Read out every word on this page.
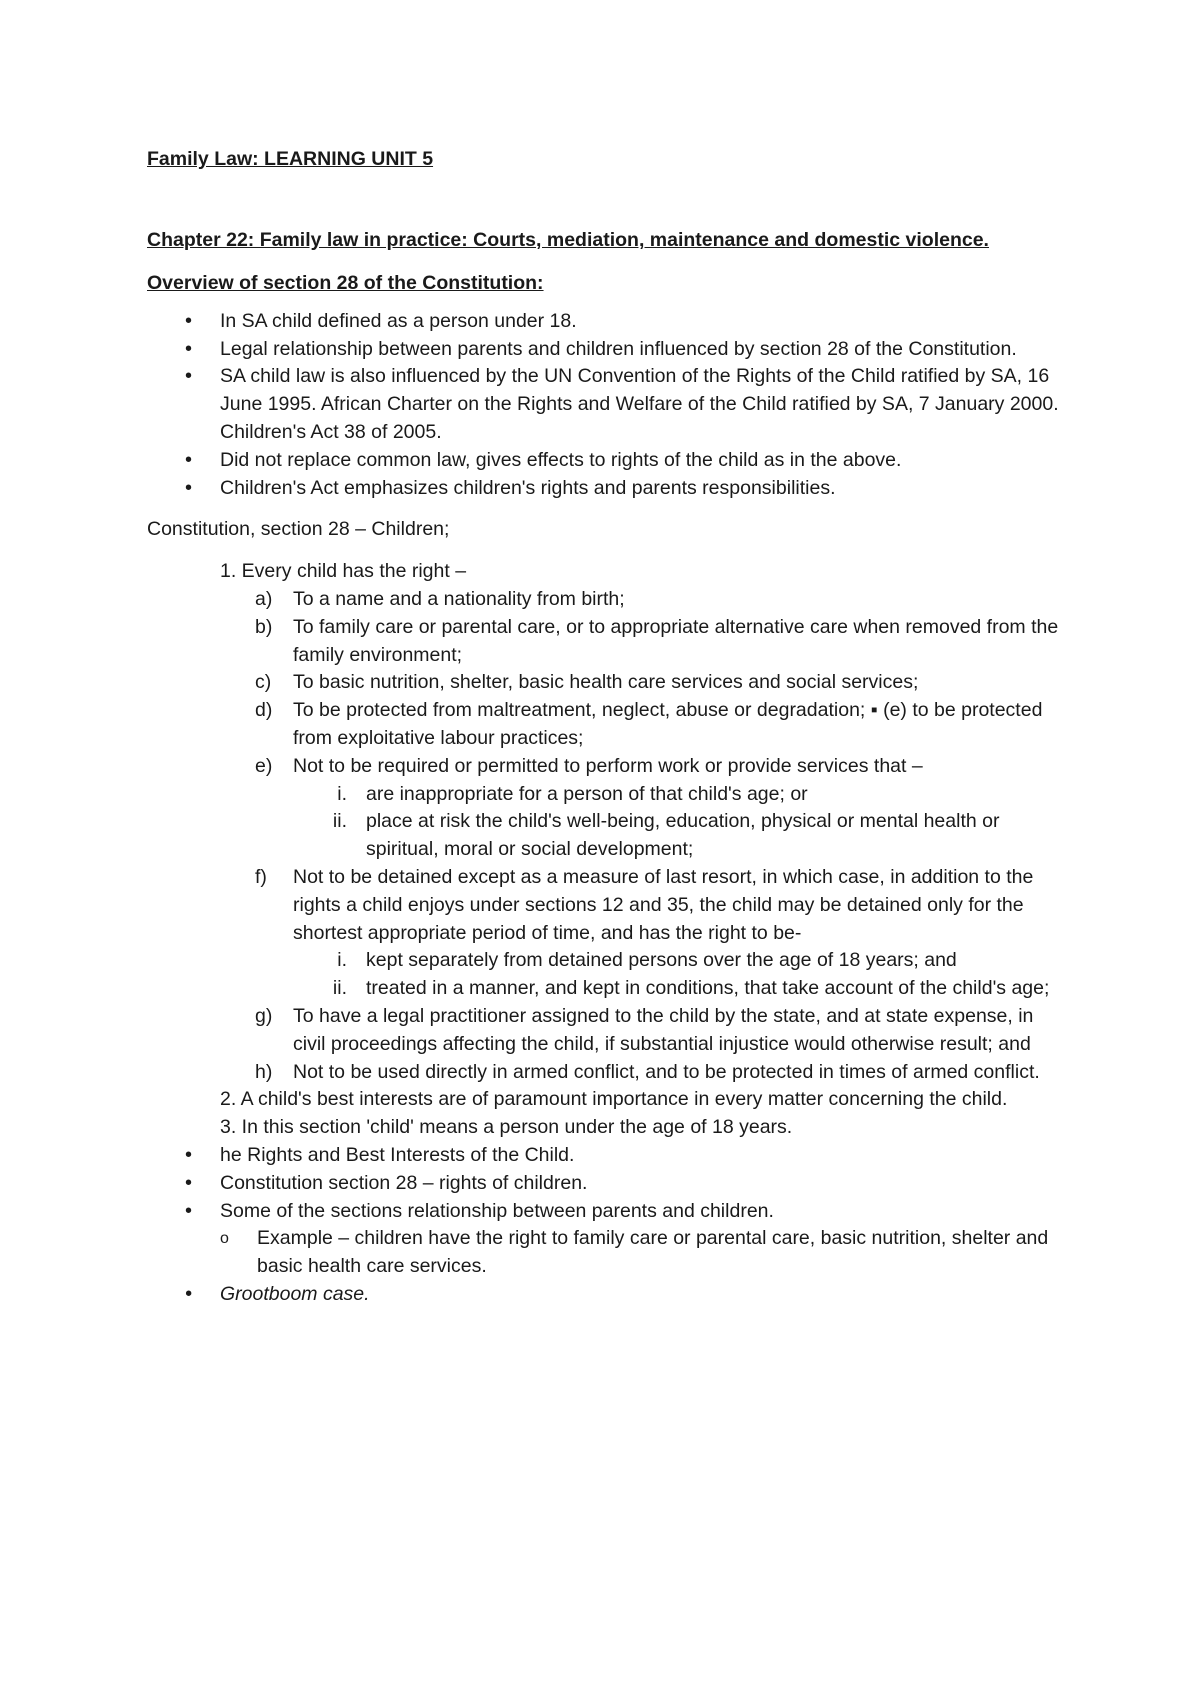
Family Law: LEARNING UNIT 5

Chapter 22: Family law in practice: Courts, mediation, maintenance and domestic violence.

Overview of section 28 of the Constitution:

• In SA child defined as a person under 18.
• Legal relationship between parents and children influenced by section 28 of the Constitution.
• SA child law is also influenced by the UN Convention of the Rights of the Child ratified by SA, 16 June 1995. African Charter on the Rights and Welfare of the Child ratified by SA, 7 January 2000. Children's Act 38 of 2005.
• Did not replace common law, gives effects to rights of the child as in the above.
• Children's Act emphasizes children's rights and parents responsibilities.

Constitution, section 28 – Children;

1. Every child has the right –

a) To a name and a nationality from birth;
b) To family care or parental care, or to appropriate alternative care when removed from the family environment;
c) To basic nutrition, shelter, basic health care services and social services;
d) To be protected from maltreatment, neglect, abuse or degradation; ▪ (e) to be protected from exploitative labour practices;
e) Not to be required or permitted to perform work or provide services that –
i. are inappropriate for a person of that child's age; or
ii. place at risk the child's well-being, education, physical or mental health or spiritual, moral or social development;
f) Not to be detained except as a measure of last resort, in which case, in addition to the rights a child enjoys under sections 12 and 35, the child may be detained only for the shortest appropriate period of time, and has the right to be-
i. kept separately from detained persons over the age of 18 years; and
ii. treated in a manner, and kept in conditions, that take account of the child's age;
g) To have a legal practitioner assigned to the child by the state, and at state expense, in civil proceedings affecting the child, if substantial injustice would otherwise result; and
h) Not to be used directly in armed conflict, and to be protected in times of armed conflict.

2. A child's best interests are of paramount importance in every matter concerning the child.

3. In this section 'child' means a person under the age of 18 years.

• he Rights and Best Interests of the Child.
• Constitution section 28 – rights of children.
• Some of the sections relationship between parents and children.
o Example – children have the right to family care or parental care, basic nutrition, shelter and basic health care services.
• Grootboom case.
